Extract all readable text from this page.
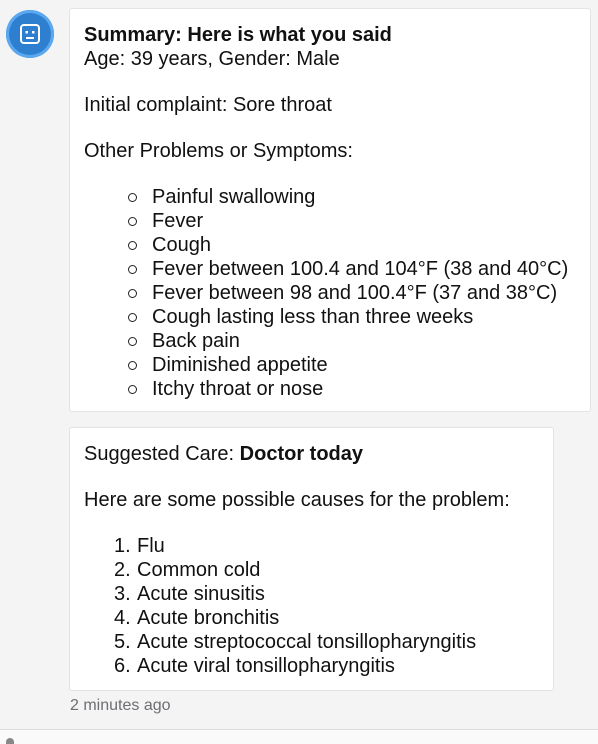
Summary: Here is what you said

Age: 39 years, Gender: Male

Initial complaint: Sore throat

Other Problems or Symptoms:

Painful swallowing
Fever
Cough
Fever between 100.4 and 104°F (38 and 40°C)
Fever between 98 and 100.4°F (37 and 38°C)
Cough lasting less than three weeks
Back pain
Diminished appetite
Itchy throat or nose

Suggested Care: Doctor today

Here are some possible causes for the problem:

1. Flu
2. Common cold
3. Acute sinusitis
4. Acute bronchitis
5. Acute streptococcal tonsillopharyngitis
6. Acute viral tonsillopharyngitis
2 minutes ago
